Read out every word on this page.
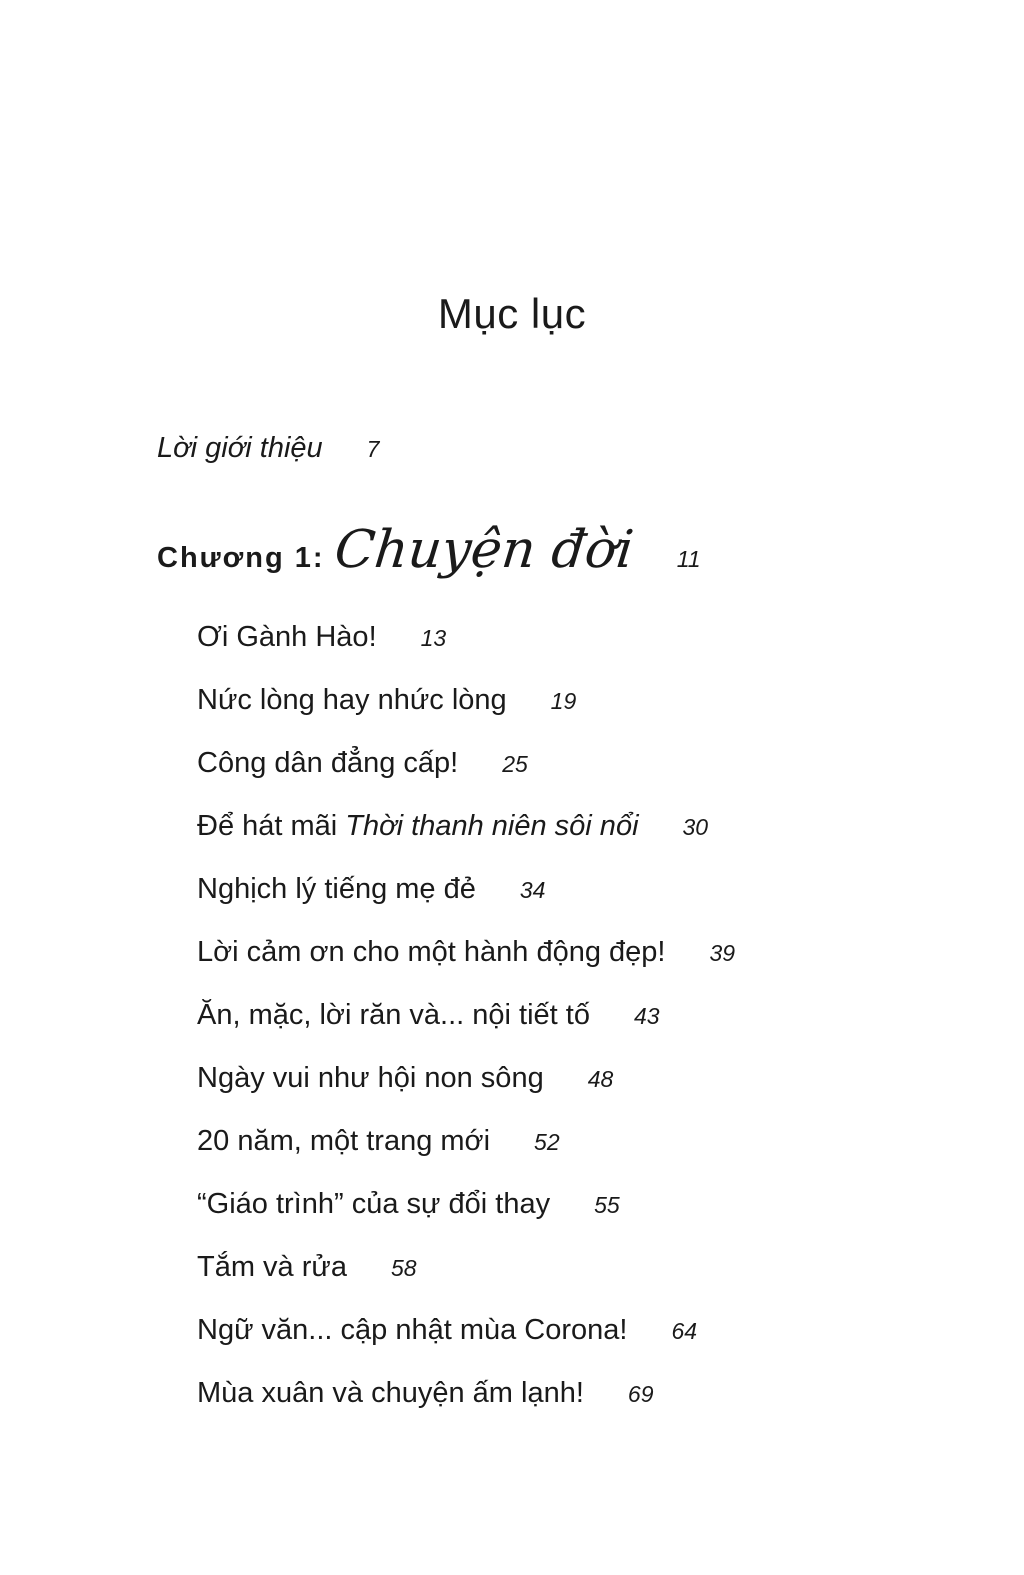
Mục lục
Lời giới thiệu 7
Chương 1: Chuyện đời 11
Ơi Gành Hào! 13
Nức lòng hay nhức lòng 19
Công dân đẳng cấp! 25
Để hát mãi Thời thanh niên sôi nổi 30
Nghịch lý tiếng mẹ đẻ 34
Lời cảm ơn cho một hành động đẹp! 39
Ăn, mặc, lời răn và... nội tiết tố 43
Ngày vui như hội non sông 48
20 năm, một trang mới 52
“Giáo trình” của sự đổi thay 55
Tắm và rửa 58
Ngữ văn... cập nhật mùa Corona! 64
Mùa xuân và chuyện ấm lạnh! 69
